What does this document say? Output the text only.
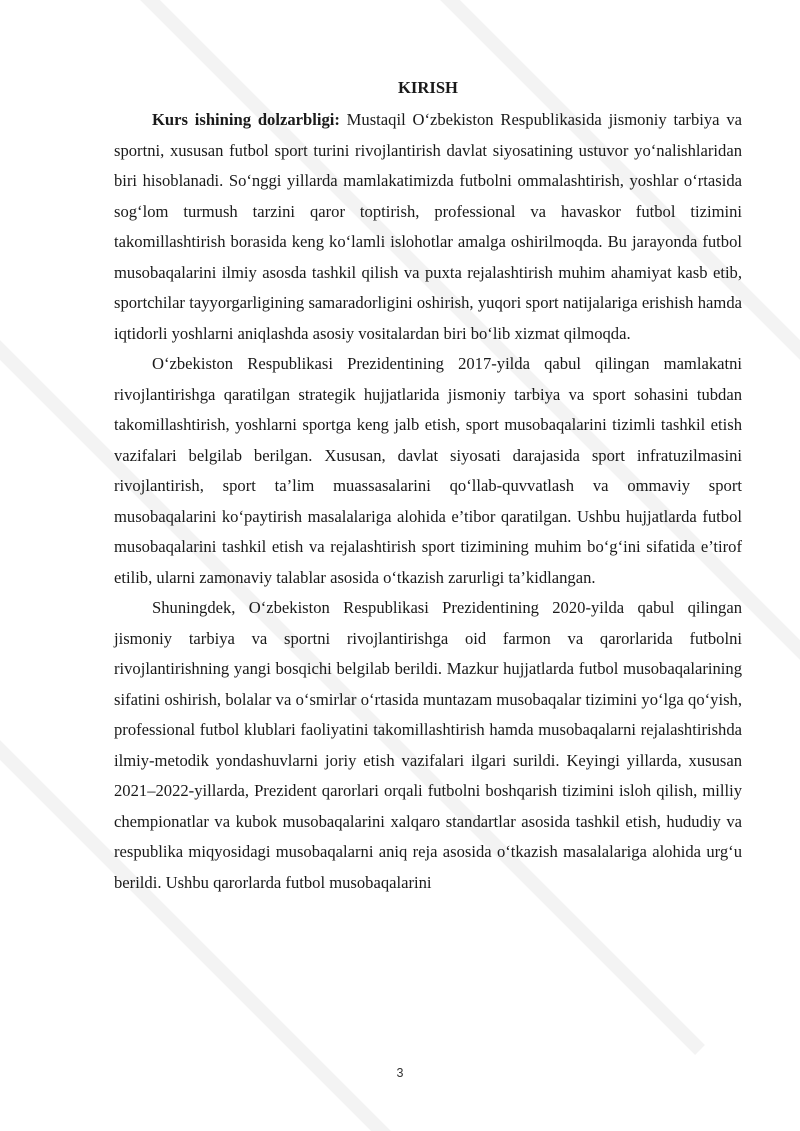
KIRISH

Kurs ishining dolzarbligi: Mustaqil O‘zbekiston Respublikasida jismoniy tarbiya va sportni, xususan futbol sport turini rivojlantirish davlat siyosatining ustuvor yo‘nalishlaridan biri hisoblanadi. So‘nggi yillarda mamlakatimizda futbolni ommalashtirish, yoshlar o‘rtasida sog‘lom turmush tarzini qaror toptirish, professional va havaskor futbol tizimini takomillashtirish borasida keng ko‘lamli islohotlar amalga oshirilmoqda. Bu jarayonda futbol musobaqalarini ilmiy asosda tashkil qilish va puxta rejalashtirish muhim ahamiyat kasb etib, sportchilar tayyorgarligining samaradorligini oshirish, yuqori sport natijalariga erishish hamda iqtidorli yoshlarni aniqlashda asosiy vositalardan biri bo‘lib xizmat qilmoqda.

O‘zbekiston Respublikasi Prezidentining 2017-yilda qabul qilingan mamlakatni rivojlantirishga qaratilgan strategik hujjatlarida jismoniy tarbiya va sport sohasini tubdan takomillashtirish, yoshlarni sportga keng jalb etish, sport musobaqalarini tizimli tashkil etish vazifalari belgilab berilgan. Xususan, davlat siyosati darajasida sport infratuzilmasini rivojlantirish, sport ta’lim muassasalarini qo‘llab-quvvatlash va ommaviy sport musobaqalarini ko‘paytirish masalalariga alohida e’tibor qaratilgan. Ushbu hujjatlarda futbol musobaqalarini tashkil etish va rejalashtirish sport tizimining muhim bo‘g‘ini sifatida e’tirof etilib, ularni zamonaviy talablar asosida o‘tkazish zarurligi ta’kidlangan.

Shuningdek, O‘zbekiston Respublikasi Prezidentining 2020-yilda qabul qilingan jismoniy tarbiya va sportni rivojlantirishga oid farmon va qarorlarida futbolni rivojlantirishning yangi bosqichi belgilab berildi. Mazkur hujjatlarda futbol musobaqalarining sifatini oshirish, bolalar va o‘smirlar o‘rtasida muntazam musobaqalar tizimini yo‘lga qo‘yish, professional futbol klublari faoliyatini takomillashtirish hamda musobaqalarni rejalashtirishda ilmiy-metodik yondashuvlarni joriy etish vazifalari ilgari surildi. Keyingi yillarda, xususan 2021–2022-yillarda, Prezident qarorlari orqali futbolni boshqarish tizimini isloh qilish, milliy chempionatlar va kubok musobaqalarini xalqaro standartlar asosida tashkil etish, hududiy va respublika miqyosidagi musobaqalarni aniq reja asosida o‘tkazish masalalariga alohida urg‘u berildi. Ushbu qarorlarda futbol musobaqalarini

3
